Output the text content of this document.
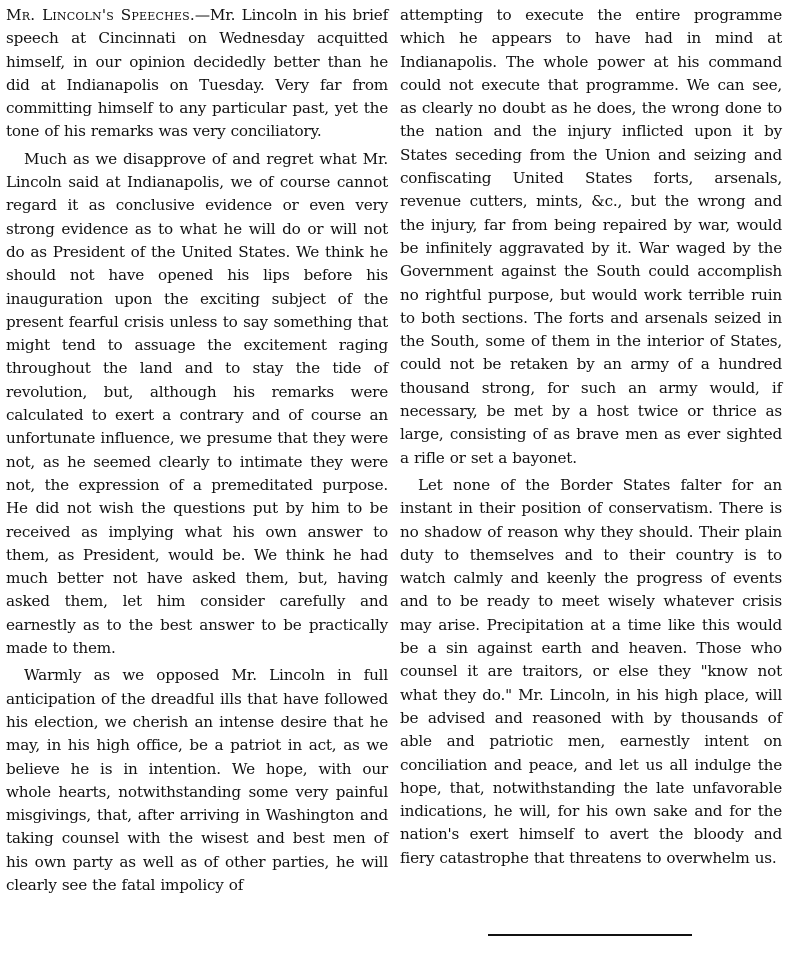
Mr. Lincoln's Speeches.—Mr. Lincoln in his brief speech at Cincinnati on Wednesday acquitted himself, in our opinion decidedly better than he did at Indianapolis on Tuesday. Very far from committing himself to any particular past, yet the tone of his remarks was very conciliatory.

Much as we disapprove of and regret what Mr. Lincoln said at Indianapolis, we of course cannot regard it as conclusive evidence or even very strong evidence as to what he will do or will not do as President of the United States. We think he should not have opened his lips before his inauguration upon the exciting subject of the present fearful crisis unless to say something that might tend to assuage the excitement raging throughout the land and to stay the tide of revolution, but, although his remarks were calculated to exert a contrary and of course an unfortunate influence, we presume that they were not, as he seemed clearly to intimate they were not, the expression of a premeditated purpose. He did not wish the questions put by him to be received as implying what his own answer to them, as President, would be. We think he had much better not have asked them, but, having asked them, let him consider carefully and earnestly as to the best answer to be practically made to them.

Warmly as we opposed Mr. Lincoln in full anticipation of the dreadful ills that have followed his election, we cherish an intense desire that he may, in his high office, be a patriot in act, as we believe he is in intention. We hope, with our whole hearts, notwithstanding some very painful misgivings, that, after arriving in Washington and taking counsel with the wisest and best men of his own party as well as of other parties, he will clearly see the fatal impolicy of

attempting to execute the entire programme which he appears to have had in mind at Indianapolis. The whole power at his command could not execute that programme. We can see, as clearly no doubt as he does, the wrong done to the nation and the injury inflicted upon it by States seceding from the Union and seizing and confiscating United States forts, arsenals, revenue cutters, mints, &c., but the wrong and the injury, far from being repaired by war, would be infinitely aggravated by it. War waged by the Government against the South could accomplish no rightful purpose, but would work terrible ruin to both sections. The forts and arsenals seized in the South, some of them in the interior of States, could not be retaken by an army of a hundred thousand strong, for such an army would, if necessary, be met by a host twice or thrice as large, consisting of as brave men as ever sighted a rifle or set a bayonet.

Let none of the Border States falter for an instant in their position of conservatism. There is no shadow of reason why they should. Their plain duty to themselves and to their country is to watch calmly and keenly the progress of events and to be ready to meet wisely whatever crisis may arise. Precipitation at a time like this would be a sin against earth and heaven. Those who counsel it are traitors, or else they "know not what they do." Mr. Lincoln, in his high place, will be advised and reasoned with by thousands of able and patriotic men, earnestly intent on conciliation and peace, and let us all indulge the hope, that, notwithstanding the late unfavorable indications, he will, for his own sake and for the nation's exert himself to avert the bloody and fiery catastrophe that threatens to overwhelm us.
